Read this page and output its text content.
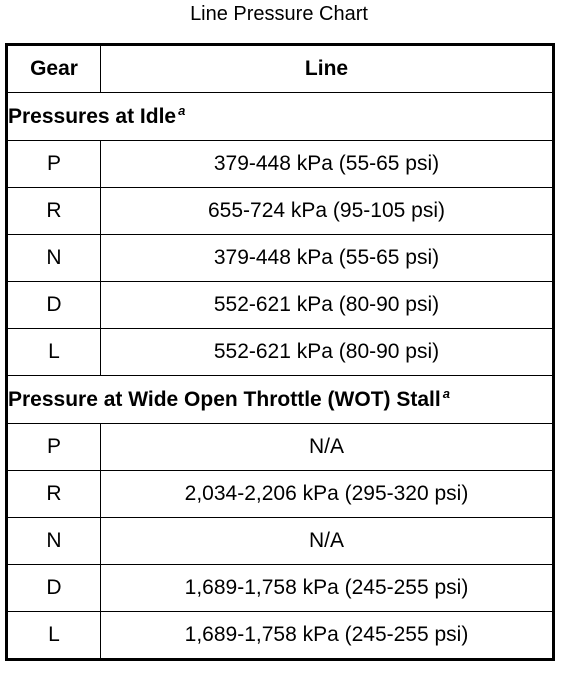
Line Pressure Chart
Gear	Line
Pressures at Idle $^a$
P	379-448 kPa (55-65 psi)
R	655-724 kPa (95-105 psi)
N	379-448 kPa (55-65 psi)
D	552-621 kPa (80-90 psi)
L	552-621 kPa (80-90 psi)
Pressure at Wide Open Throttle (WOT) Stall $^a$
P	N/A
R	2,034-2,206 kPa (295-320 psi)
N	N/A
D	1,689-1,758 kPa (245-255 psi)
L	1,689-1,758 kPa (245-255 psi)
